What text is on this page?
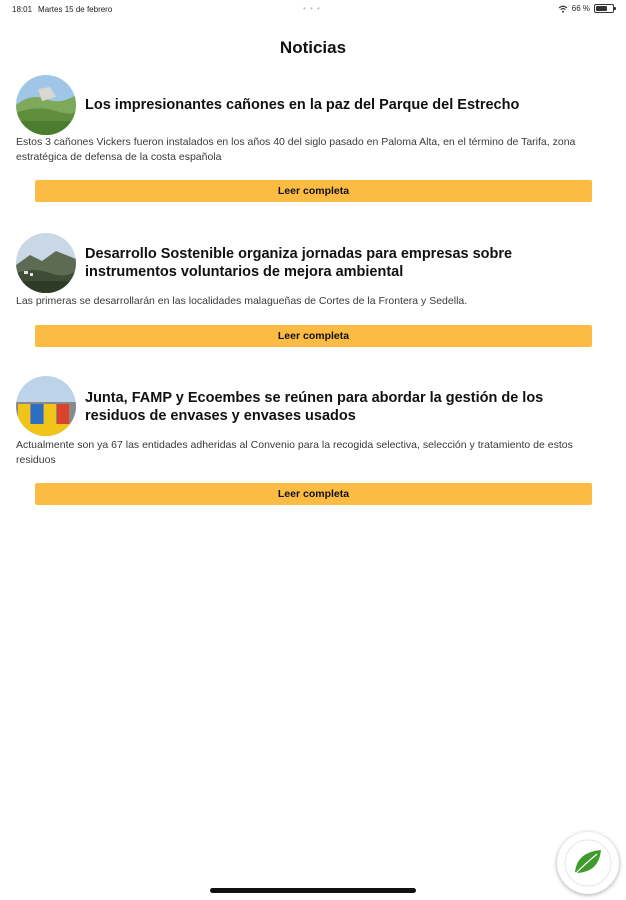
18:01 Martes 15 de febrero	• • •	66 %
Noticias
Los impresionantes cañones en la paz del Parque del Estrecho
Estos 3 cañones Vickers fueron instalados en los años 40 del siglo pasado en Paloma Alta, en el término de Tarifa, zona estratégica de defensa de la costa española
Leer completa
Desarrollo Sostenible organiza jornadas para empresas sobre instrumentos voluntarios de mejora ambiental
Las primeras se desarrollarán en las localidades malagueñas de Cortes de la Frontera y Sedella.
Leer completa
Junta, FAMP y Ecoembes se reúnen para abordar la gestión de los residuos de envases y envases usados
Actualmente son ya 67 las entidades adheridas al Convenio para la recogida selectiva, selección y tratamiento de estos residuos
Leer completa
